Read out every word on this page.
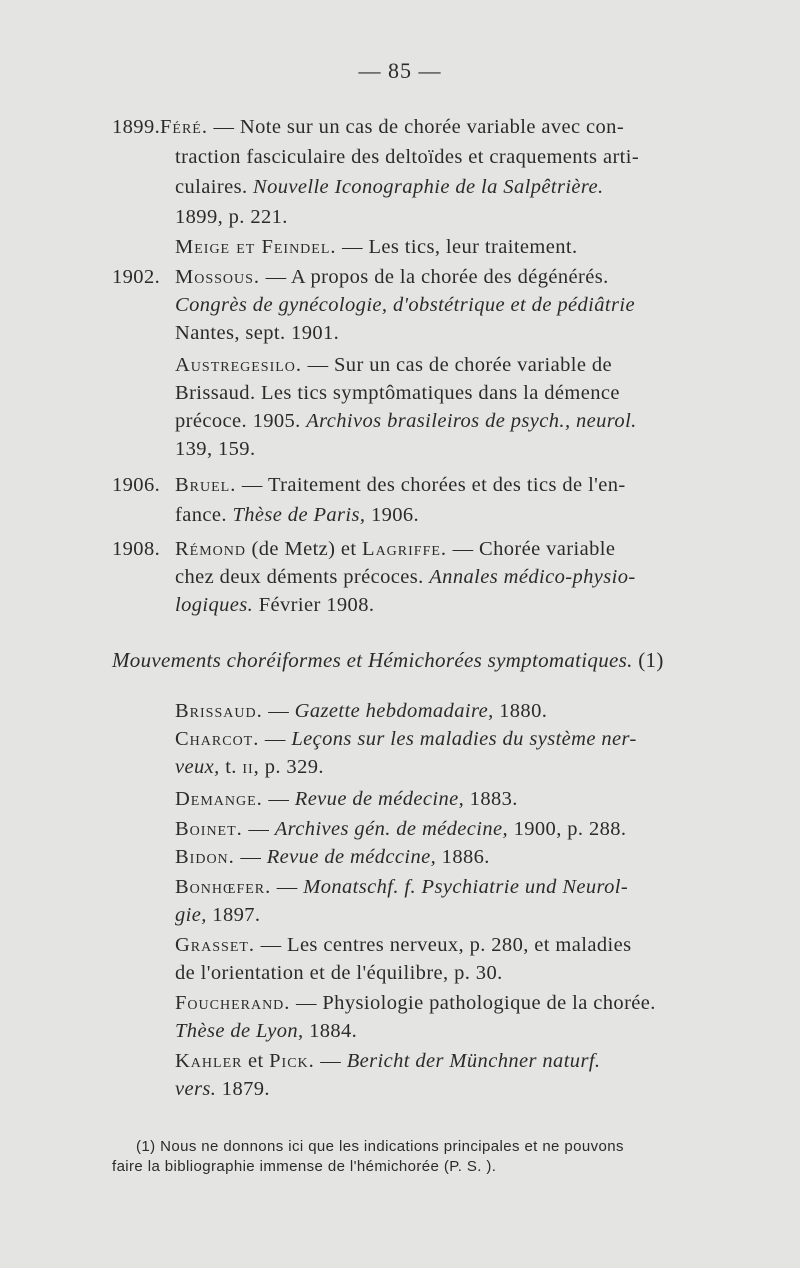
— 85 —
1899. Féré. — Note sur un cas de chorée variable avec con-
traction fasciculaire des deltoïdes et craquements arti-
culaires. Nouvelle Iconographie de la Salpêtrière.
1899, p. 221.
Meige et Feindel. — Les tics, leur traitement.
1902. Mossous. — A propos de la chorée des dégénérés.
Congrès de gynécologie, d'obstétrique et de pédiâtrie
Nantes, sept. 1901.
Austregesilo. — Sur un cas de chorée variable de
Brissaud. Les tics symptômatiques dans la démence
précoce. 1905. Archivos brasileiros de psych., neurol.
139, 159.
1906. Bruel. — Traitement des chorées et des tics de l'en-
fance. Thèse de Paris, 1906.
1908. Rémond (de Metz) et Lagriffe. — Chorée variable
chez deux déments précoces. Annales médico-physio-
logiques. Février 1908.
Mouvements choréiformes et Hémichorées symptomatiques. (1)
Brissaud. — Gazette hebdomadaire, 1880.
Charcot. — Leçons sur les maladies du système ner-
veux, t. ii, p. 329.
Demange. — Revue de médecine, 1883.
Boinet. — Archives gén. de médecine, 1900, p. 288.
Bidon. — Revue de médccine, 1886.
Bonhœfer. — Monatschf. f. Psychiatrie und Neurol-
gie, 1897.
Grasset. — Les centres nerveux, p. 280, et maladies
de l'orientation et de l'équilibre, p. 30.
Foucherand. — Physiologie pathologique de la chorée.
Thèse de Lyon, 1884.
Kahler et Pick. — Bericht der Münchner naturf.
vers. 1879.
(1) Nous ne donnons ici que les indications principales et ne pouvons
faire la bibliographie immense de l'hémichorée (P. S. ).
